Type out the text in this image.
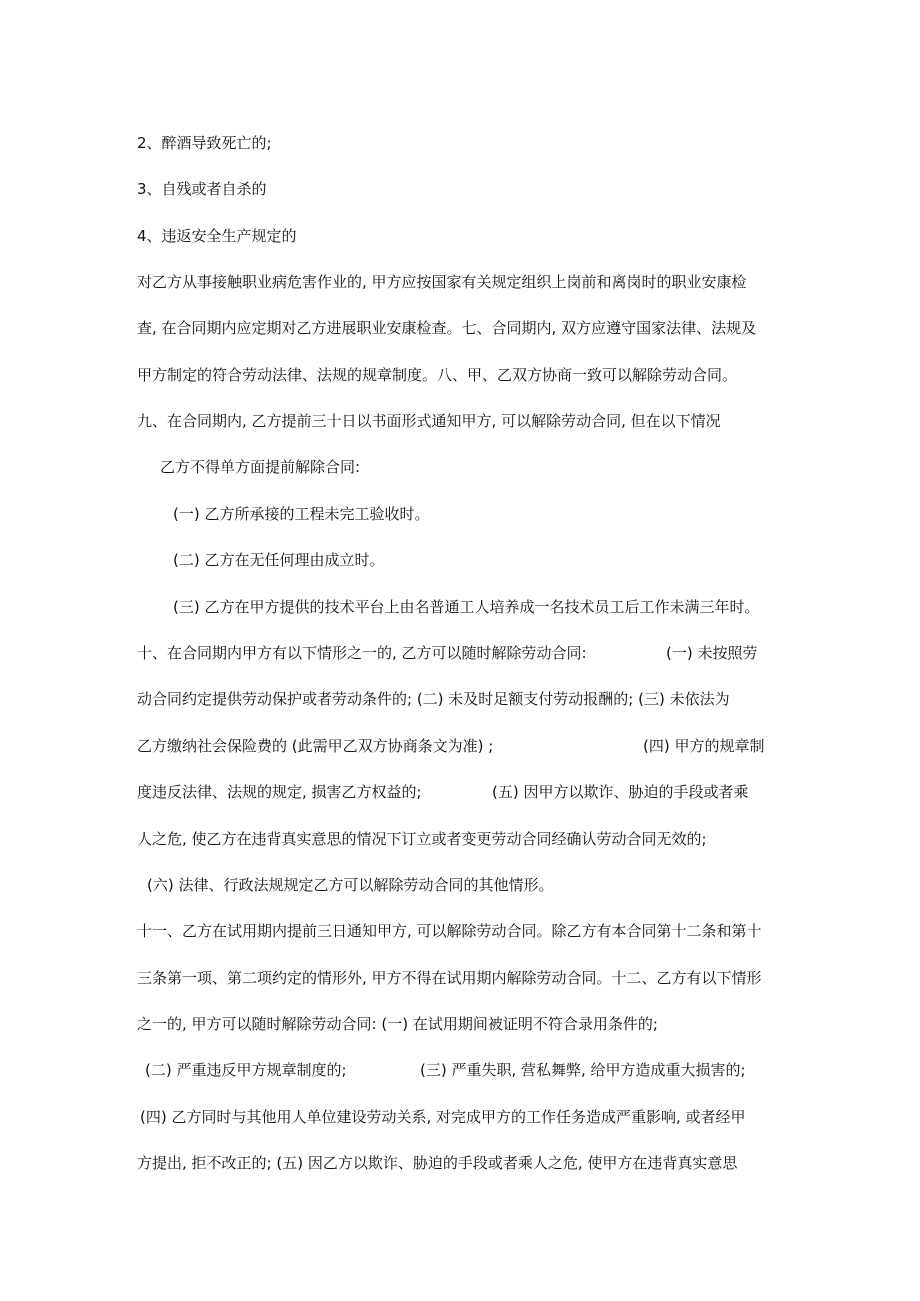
2、醉酒导致死亡的;

3、自残或者自杀的

4、违返安全生产规定的

对乙方从事接触职业病危害作业的, 甲方应按国家有关规定组织上岗前和离岗时的职业安康检

查, 在合同期内应定期对乙方进展职业安康检查。七、合同期内, 双方应遵守国家法律、法规及

甲方制定的符合劳动法律、法规的规章制度。八、甲、乙双方协商一致可以解除劳动合同。

九、在合同期内, 乙方提前三十日以书面形式通知甲方, 可以解除劳动合同, 但在以下情况

乙方不得单方面提前解除合同:

(一) 乙方所承接的工程未完工验收时。

(二) 乙方在无任何理由成立时。

(三) 乙方在甲方提供的技术平台上由名普通工人培养成一名技术员工后工作未满三年时。

十、在合同期内甲方有以下情形之一的, 乙方可以随时解除劳动合同:	(一) 未按照劳

动合同约定提供劳动保护或者劳动条件的; (二) 未及时足额支付劳动报酬的; (三) 未依法为

乙方缴纳社会保险费的 (此需甲乙双方协商条文为准) ;	(四) 甲方的规章制

度违反法律、法规的规定, 损害乙方权益的;	(五) 因甲方以欺诈、胁迫的手段或者乘

人之危, 使乙方在违背真实意思的情况下订立或者变更劳动合同经确认劳动合同无效的;

(六) 法律、行政法规规定乙方可以解除劳动合同的其他情形。

十一、乙方在试用期内提前三日通知甲方, 可以解除劳动合同。除乙方有本合同第十二条和第十

三条第一项、第二项约定的情形外, 甲方不得在试用期内解除劳动合同。十二、乙方有以下情形

之一的, 甲方可以随时解除劳动合同: (一) 在试用期间被证明不符合录用条件的;

(二) 严重违反甲方规章制度的;	(三) 严重失职, 营私舞弊, 给甲方造成重大损害的;

(四) 乙方同时与其他用人单位建设劳动关系, 对完成甲方的工作任务造成严重影响, 或者经甲

方提出, 拒不改正的; (五) 因乙方以欺诈、胁迫的手段或者乘人之危, 使甲方在违背真实意思
